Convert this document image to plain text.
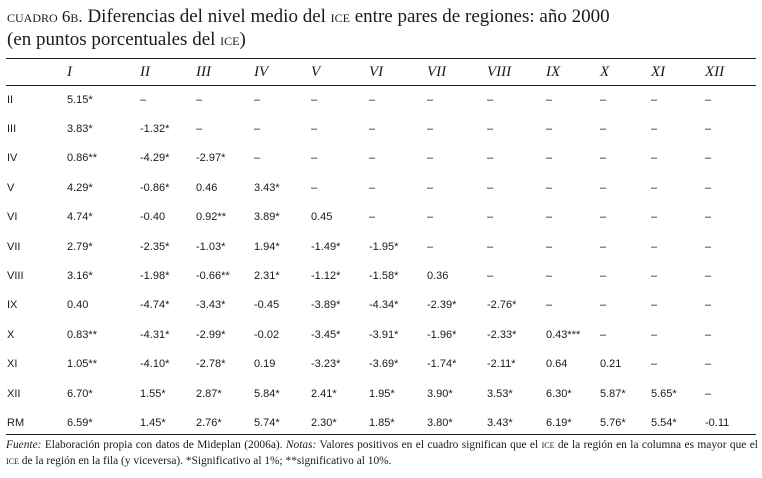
cuadro 6b. Diferencias del nivel medio del ice entre pares de regiones: año 2000
(en puntos porcentuales del ice)
	I	II	III	IV	V	VI	VII	VIII	IX	X	XI	XII
II	5.15*	–	–	–	–	–	–	–	–	–	–	–
III	3.83*	-1.32*	–	–	–	–	–	–	–	–	–	–
IV	0.86**	-4.29*	-2.97*	–	–	–	–	–	–	–	–	–
V	4.29*	-0.86*	0.46	3.43*	–	–	–	–	–	–	–	–
VI	4.74*	-0.40	0.92**	3.89*	0.45	–	–	–	–	–	–	–
VII	2.79*	-2.35*	-1.03*	1.94*	-1.49*	-1.95*	–	–	–	–	–	–
VIII	3.16*	-1.98*	-0.66**	2.31*	-1.12*	-1.58*	0.36	–	–	–	–	–
IX	0.40	-4.74*	-3.43*	-0.45	-3.89*	-4.34*	-2.39*	-2.76*	–	–	–	–
X	0.83**	-4.31*	-2.99*	-0.02	-3.45*	-3.91*	-1.96*	-2.33*	0.43***	–	–	–
XI	1.05**	-4.10*	-2.78*	0.19	-3.23*	-3.69*	-1.74*	-2.11*	0.64	0.21	–	–
XII	6.70*	1.55*	2.87*	5.84*	2.41*	1.95*	3.90*	3.53*	6.30*	5.87*	5.65*	–
RM	6.59*	1.45*	2.76*	5.74*	2.30*	1.85*	3.80*	3.43*	6.19*	5.76*	5.54*	-0.11
Fuente: Elaboración propia con datos de Mideplan (2006a). Notas: Valores positivos en el cuadro significan que el ice de la región en la columna es mayor que el ice de la región en la fila (y viceversa). *Significativo al 1%; **significativo al 10%.
